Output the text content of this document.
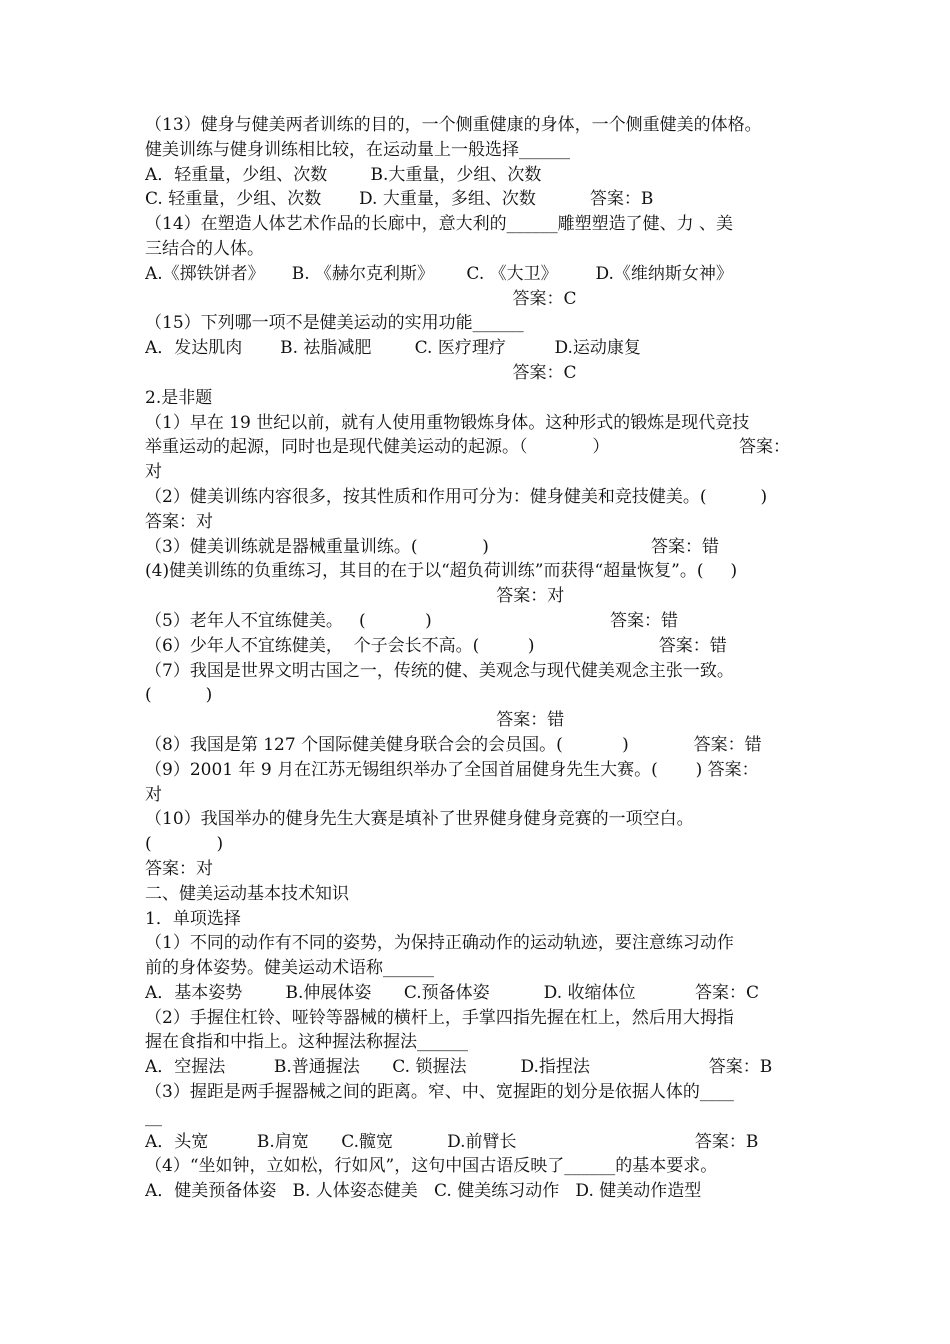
（13）健身与健美两者训练的目的，一个侧重健康的身体，一个侧重健美的体格。
健美训练与健身训练相比较，在运动量上一般选择______
A．轻重量，少组、次数        B.大重量，少组、次数
C. 轻重量，少组、次数       D. 大重量，多组、次数          答案：B
（14）在塑造人体艺术作品的长廊中，意大利的______雕塑塑造了健、力 、美
三结合的人体。
A.《掷铁饼者》     B. 《赫尔克利斯》      C. 《大卫》       D.《维纳斯女神》
答案：C
（15）下列哪一项不是健美运动的实用功能______
A．发达肌肉       B. 祛脂减肥        C. 医疗理疗         D.运动康复
答案：C
2.是非题
（1）早在 19 世纪以前，就有人使用重物锻炼身体。这种形式的锻炼是现代竞技
举重运动的起源，同时也是现代健美运动的起源。（            ）                        答案：
对
（2）健美训练内容很多，按其性质和作用可分为：健身健美和竞技健美。(          )
答案：对
（3）健美训练就是器械重量训练。(            )                              答案：错
(4)健美训练的负重练习，其目的在于以“超负荷训练”而获得“超量恢复”。(     )
答案：对
（5）老年人不宜练健美。   (           )                                 答案：错
（6）少年人不宜练健美，  个子会长不高。(         )                       答案：错
（7）我国是世界文明古国之一，传统的健、美观念与现代健美观念主张一致。
(          )
答案：错
（8）我国是第 127 个国际健美健身联合会的会员国。(           )            答案：错
（9）2001 年 9 月在江苏无锡组织举办了全国首届健身先生大赛。(       ) 答案：
对
（10）我国举办的健身先生大赛是填补了世界健身健身竞赛的一项空白。
(            )
答案：对
二、健美运动基本技术知识
1．单项选择
（1）不同的动作有不同的姿势，为保持正确动作的运动轨迹，要注意练习动作
前的身体姿势。健美运动术语称______
A．基本姿势        B.伸展体姿      C.预备体姿          D. 收缩体位           答案：C
（2）手握住杠铃、哑铃等器械的横杆上，手掌四指先握在杠上，然后用大拇指
握在食指和中指上。这种握法称握法______
A．空握法         B.普通握法      C. 锁握法          D.指捏法                      答案：B
（3）握距是两手握器械之间的距离。窄、中、宽握距的划分是依据人体的____
__
A．头宽         B.肩宽      C.髋宽          D.前臂长                                 答案：B
（4）“坐如钟，立如松，行如风”，这句中国古语反映了______的基本要求。
A．健美预备体姿   B. 人体姿态健美   C. 健美练习动作   D. 健美动作造型
